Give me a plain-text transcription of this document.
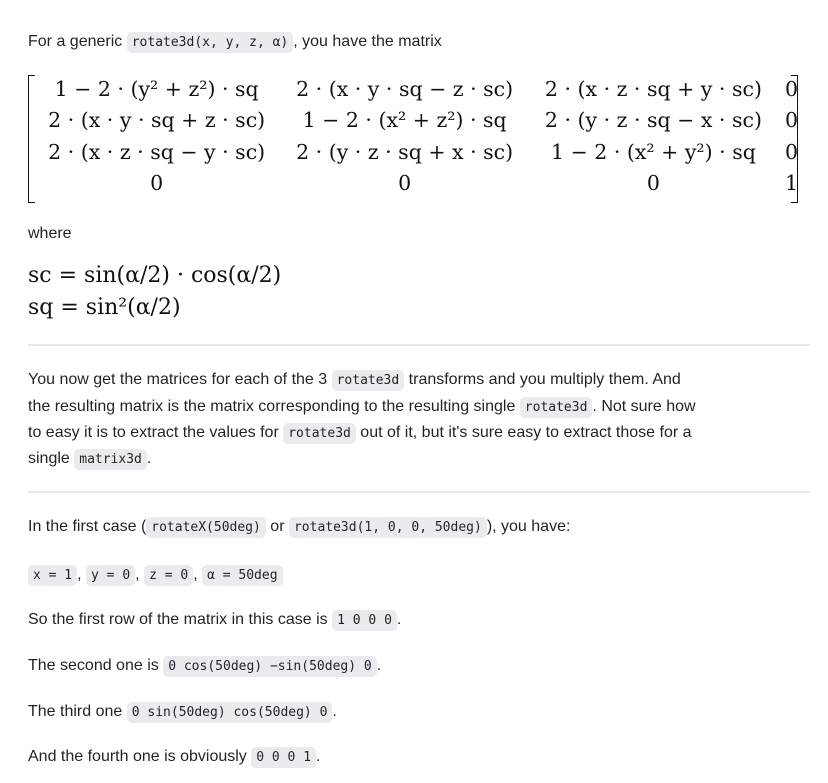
For a generic rotate3d(x, y, z, α) , you have the matrix
1 − 2 · (y² + z²) · sq	2 · (x · y · sq − z · sc)	2 · (x · z · sq + y · sc)	0
2 · (x · y · sq + z · sc)	1 − 2 · (x² + z²) · sq	2 · (y · z · sq − x · sc)	0
2 · (x · z · sq − y · sc)	2 · (y · z · sq + x · sc)	1 − 2 · (x² + y²) · sq	0
0	0	0	1
where
sc = sin(α/2) · cos(α/2)
sq = sin²(α/2)
You now get the matrices for each of the 3 rotate3d transforms and you multiply them. And
the resulting matrix is the matrix corresponding to the resulting single rotate3d . Not sure how
to easy it is to extract the values for rotate3d out of it, but it's sure easy to extract those for a
single matrix3d .
In the first case ( rotateX(50deg) or rotate3d(1, 0, 0, 50deg) ), you have:
x = 1 , y = 0 , z = 0 , α = 50deg
So the first row of the matrix in this case is 1 0 0 0 .
The second one is 0 cos(50deg) −sin(50deg) 0 .
The third one 0 sin(50deg) cos(50deg) 0 .
And the fourth one is obviously 0 0 0 1 .
